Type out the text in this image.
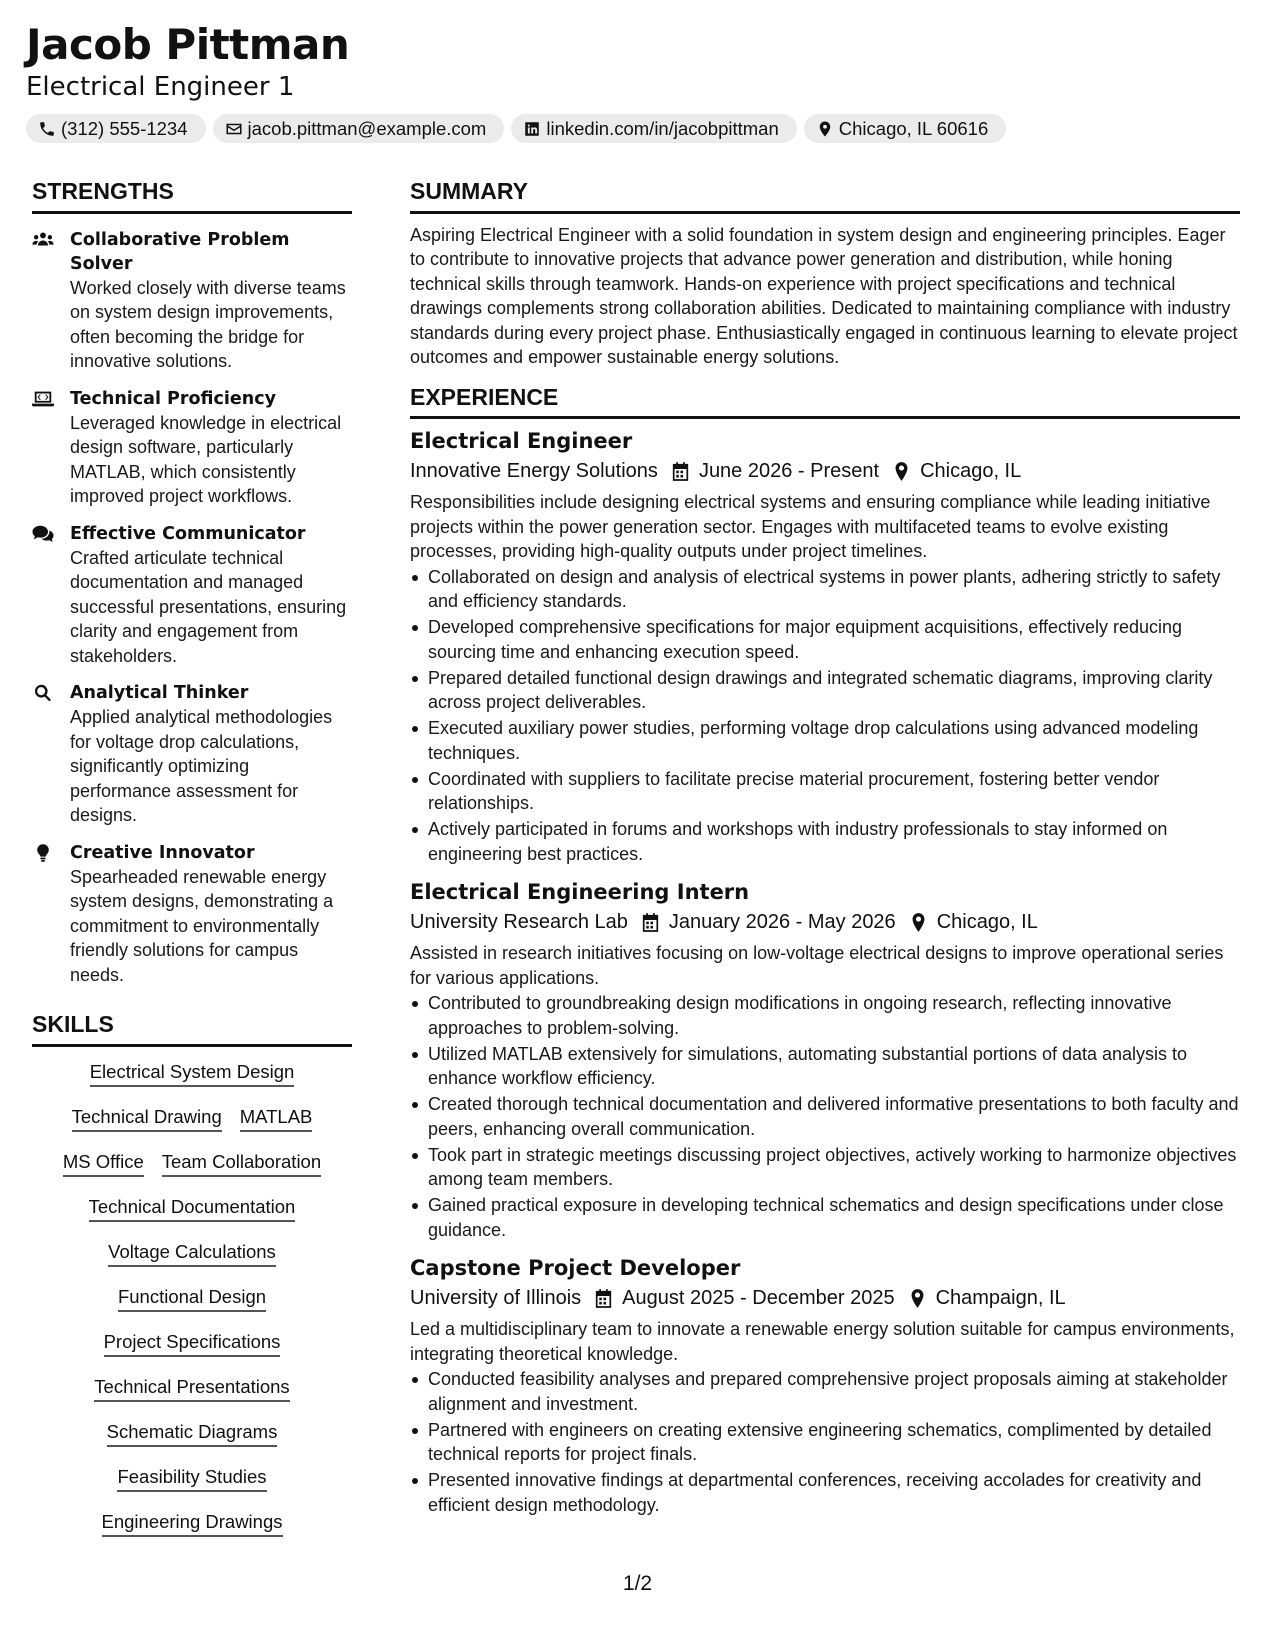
Jacob Pittman
Electrical Engineer 1
(312) 555-1234	jacob.pittman@example.com	linkedin.com/in/jacobpittman	Chicago, IL 60616
STRENGTHS
Collaborative Problem Solver
Worked closely with diverse teams on system design improvements, often becoming the bridge for innovative solutions.
Technical Proficiency
Leveraged knowledge in electrical design software, particularly MATLAB, which consistently improved project workflows.
Effective Communicator
Crafted articulate technical documentation and managed successful presentations, ensuring clarity and engagement from stakeholders.
Analytical Thinker
Applied analytical methodologies for voltage drop calculations, significantly optimizing performance assessment for designs.
Creative Innovator
Spearheaded renewable energy system designs, demonstrating a commitment to environmentally friendly solutions for campus needs.
SKILLS
Electrical System Design
Technical Drawing MATLAB
MS Office Team Collaboration
Technical Documentation
Voltage Calculations
Functional Design
Project Specifications
Technical Presentations
Schematic Diagrams
Feasibility Studies
Engineering Drawings
SUMMARY
Aspiring Electrical Engineer with a solid foundation in system design and engineering principles. Eager to contribute to innovative projects that advance power generation and distribution, while honing technical skills through teamwork. Hands-on experience with project specifications and technical drawings complements strong collaboration abilities. Dedicated to maintaining compliance with industry standards during every project phase. Enthusiastically engaged in continuous learning to elevate project outcomes and empower sustainable energy solutions.
EXPERIENCE
Electrical Engineer
Innovative Energy Solutions June 2026 - Present Chicago, IL
Responsibilities include designing electrical systems and ensuring compliance while leading initiative projects within the power generation sector. Engages with multifaceted teams to evolve existing processes, providing high-quality outputs under project timelines.
Collaborated on design and analysis of electrical systems in power plants, adhering strictly to safety and efficiency standards.
Developed comprehensive specifications for major equipment acquisitions, effectively reducing sourcing time and enhancing execution speed.
Prepared detailed functional design drawings and integrated schematic diagrams, improving clarity across project deliverables.
Executed auxiliary power studies, performing voltage drop calculations using advanced modeling techniques.
Coordinated with suppliers to facilitate precise material procurement, fostering better vendor relationships.
Actively participated in forums and workshops with industry professionals to stay informed on engineering best practices.
Electrical Engineering Intern
University Research Lab January 2026 - May 2026 Chicago, IL
Assisted in research initiatives focusing on low-voltage electrical designs to improve operational series for various applications.
Contributed to groundbreaking design modifications in ongoing research, reflecting innovative approaches to problem-solving.
Utilized MATLAB extensively for simulations, automating substantial portions of data analysis to enhance workflow efficiency.
Created thorough technical documentation and delivered informative presentations to both faculty and peers, enhancing overall communication.
Took part in strategic meetings discussing project objectives, actively working to harmonize objectives among team members.
Gained practical exposure in developing technical schematics and design specifications under close guidance.
Capstone Project Developer
University of Illinois August 2025 - December 2025 Champaign, IL
Led a multidisciplinary team to innovate a renewable energy solution suitable for campus environments, integrating theoretical knowledge.
Conducted feasibility analyses and prepared comprehensive project proposals aiming at stakeholder alignment and investment.
Partnered with engineers on creating extensive engineering schematics, complimented by detailed technical reports for project finals.
Presented innovative findings at departmental conferences, receiving accolades for creativity and efficient design methodology.
1/2
